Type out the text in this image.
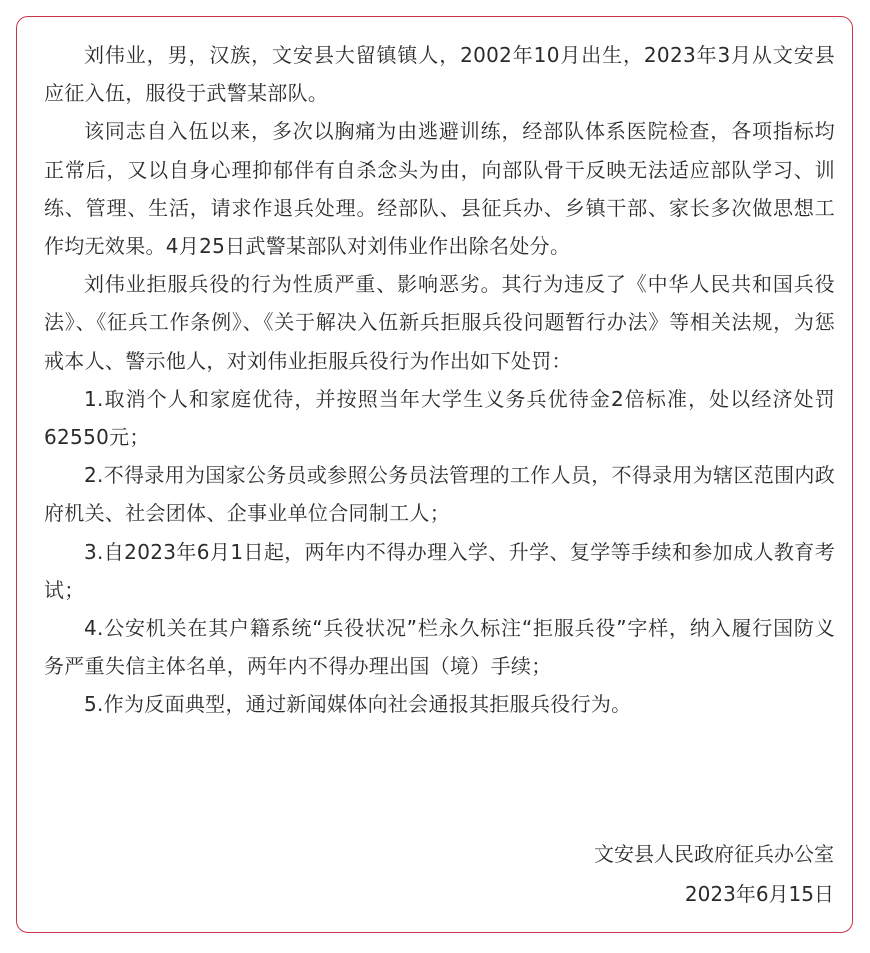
刘伟业，男，汉族，文安县大留镇镇人，2002年10月出生，2023年3月从文安县应征入伍，服役于武警某部队。

该同志自入伍以来，多次以胸痛为由逃避训练，经部队体系医院检查，各项指标均正常后，又以自身心理抑郁伴有自杀念头为由，向部队骨干反映无法适应部队学习、训练、管理、生活，请求作退兵处理。经部队、县征兵办、乡镇干部、家长多次做思想工作均无效果。4月25日武警某部队对刘伟业作出除名处分。

刘伟业拒服兵役的行为性质严重、影响恶劣。其行为违反了《中华人民共和国兵役法》、《征兵工作条例》、《关于解决入伍新兵拒服兵役问题暂行办法》等相关法规，为惩戒本人、警示他人，对刘伟业拒服兵役行为作出如下处罚：

1.取消个人和家庭优待，并按照当年大学生义务兵优待金2倍标准，处以经济处罚62550元；

2.不得录用为国家公务员或参照公务员法管理的工作人员，不得录用为辖区范围内政府机关、社会团体、企事业单位合同制工人；

3.自2023年6月1日起，两年内不得办理入学、升学、复学等手续和参加成人教育考试；

4.公安机关在其户籍系统“兵役状况”栏永久标注“拒服兵役”字样，纳入履行国防义务严重失信主体名单，两年内不得办理出国（境）手续；

5.作为反面典型，通过新闻媒体向社会通报其拒服兵役行为。

文安县人民政府征兵办公室
2023年6月15日
